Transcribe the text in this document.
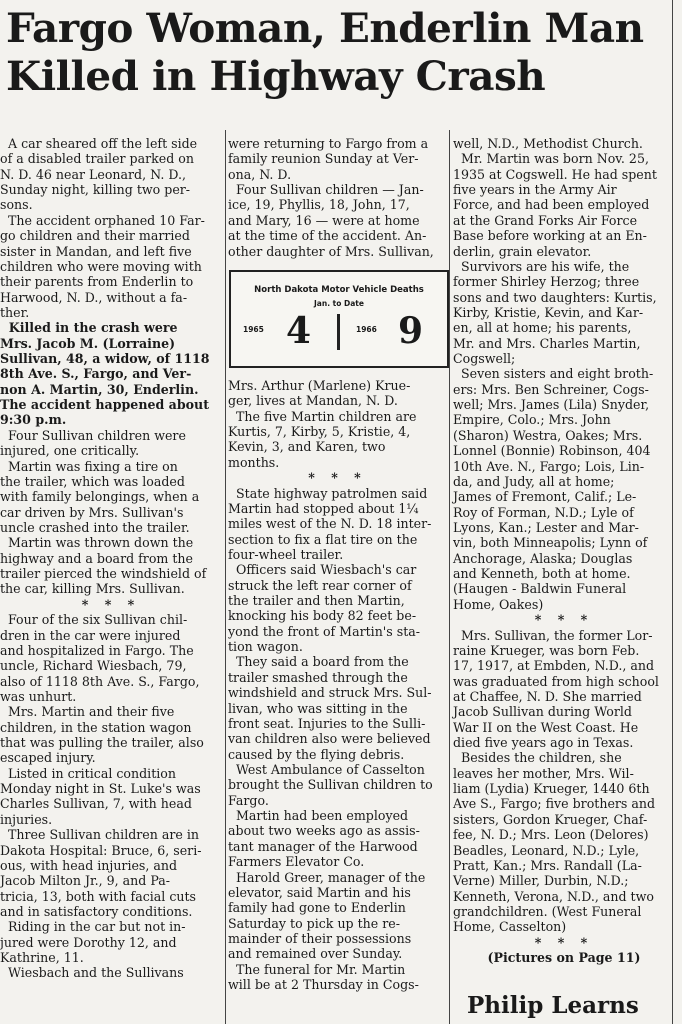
Fargo Woman, Enderlin Man
Killed in Highway Crash

A car sheared off the left side

of a disabled trailer parked on

N. D. 46 near Leonard, N. D.,

Sunday night, killing two per-

sons.

The accident orphaned 10 Far-

go children and their married

sister in Mandan, and left five

children who were moving with

their parents from Enderlin to

Harwood, N. D., without a fa-

ther.

Killed in the crash were

Mrs. Jacob M. (Lorraine)

Sullivan, 48, a widow, of 1118

8th Ave. S., Fargo, and Ver-

non A. Martin, 30, Enderlin.

The accident happened about

9:30 p.m.

Four Sullivan children were

injured, one critically.

Martin was fixing a tire on

the trailer, which was loaded

with family belongings, when a

car driven by Mrs. Sullivan's

uncle crashed into the trailer.

Martin was thrown down the

highway and a board from the

trailer pierced the windshield of

the car, killing Mrs. Sullivan.

* * *

Four of the six Sullivan chil-

dren in the car were injured

and hospitalized in Fargo. The

uncle, Richard Wiesbach, 79,

also of 1118 8th Ave. S., Fargo,

was unhurt.

Mrs. Martin and their five

children, in the station wagon

that was pulling the trailer, also

escaped injury.

Listed in critical condition

Monday night in St. Luke's was

Charles Sullivan, 7, with head

injuries.

Three Sullivan children are in

Dakota Hospital: Bruce, 6, seri-

ous, with head injuries, and

Jacob Milton Jr., 9, and Pa-

tricia, 13, both with facial cuts

and in satisfactory conditions.

Riding in the car but not in-

jured were Dorothy 12, and

Kathrine, 11.

Wiesbach and the Sullivans

were returning to Fargo from a

family reunion Sunday at Ver-

ona, N. D.

Four Sullivan children — Jan-

ice, 19, Phyllis, 18, John, 17,

and Mary, 16 — were at home

at the time of the accident. An-

other daughter of Mrs. Sullivan,

North Dakota Motor Vehicle Deaths
Jan. to Date
1965 4	1966 9

Mrs. Arthur (Marlene) Krue-

ger, lives at Mandan, N. D.

The five Martin children are

Kurtis, 7, Kirby, 5, Kristie, 4,

Kevin, 3, and Karen, two

months.

* * *

State highway patrolmen said

Martin had stopped about 1¼

miles west of the N. D. 18 inter-

section to fix a flat tire on the

four-wheel trailer.

Officers said Wiesbach's car

struck the left rear corner of

the trailer and then Martin,

knocking his body 82 feet be-

yond the front of Martin's sta-

tion wagon.

They said a board from the

trailer smashed through the

windshield and struck Mrs. Sul-

livan, who was sitting in the

front seat. Injuries to the Sulli-

van children also were believed

caused by the flying debris.

West Ambulance of Casselton

brought the Sullivan children to

Fargo.

Martin had been employed

about two weeks ago as assis-

tant manager of the Harwood

Farmers Elevator Co.

Harold Greer, manager of the

elevator, said Martin and his

family had gone to Enderlin

Saturday to pick up the re-

mainder of their possessions

and remained over Sunday.

The funeral for Mr. Martin

will be at 2 Thursday in Cogs-

well, N.D., Methodist Church.

Mr. Martin was born Nov. 25,

1935 at Cogswell. He had spent

five years in the Army Air

Force, and had been employed

at the Grand Forks Air Force

Base before working at an En-

derlin, grain elevator.

Survivors are his wife, the

former Shirley Herzog; three

sons and two daughters: Kurtis,

Kirby, Kristie, Kevin, and Kar-

en, all at home; his parents,

Mr. and Mrs. Charles Martin,

Cogswell;

Seven sisters and eight broth-

ers: Mrs. Ben Schreiner, Cogs-

well; Mrs. James (Lila) Snyder,

Empire, Colo.; Mrs. John

(Sharon) Westra, Oakes; Mrs.

Lonnel (Bonnie) Robinson, 404

10th Ave. N., Fargo; Lois, Lin-

da, and Judy, all at home;

James of Fremont, Calif.; Le-

Roy of Forman, N.D.; Lyle of

Lyons, Kan.; Lester and Mar-

vin, both Minneapolis; Lynn of

Anchorage, Alaska; Douglas

and Kenneth, both at home.

(Haugen - Baldwin Funeral

Home, Oakes)

* * *

Mrs. Sullivan, the former Lor-

raine Krueger, was born Feb.

17, 1917, at Embden, N.D., and

was graduated from high school

at Chaffee, N. D. She married

Jacob Sullivan during World

War II on the West Coast. He

died five years ago in Texas.

Besides the children, she

leaves her mother, Mrs. Wil-

liam (Lydia) Krueger, 1440 6th

Ave S., Fargo; five brothers and

sisters, Gordon Krueger, Chaf-

fee, N. D.; Mrs. Leon (Delores)

Beadles, Leonard, N.D.; Lyle,

Pratt, Kan.; Mrs. Randall (La-

Verne) Miller, Durbin, N.D.;

Kenneth, Verona, N.D., and two

grandchildren. (West Funeral

Home, Casselton)

* * *

(Pictures on Page 11)

Philip Learns
